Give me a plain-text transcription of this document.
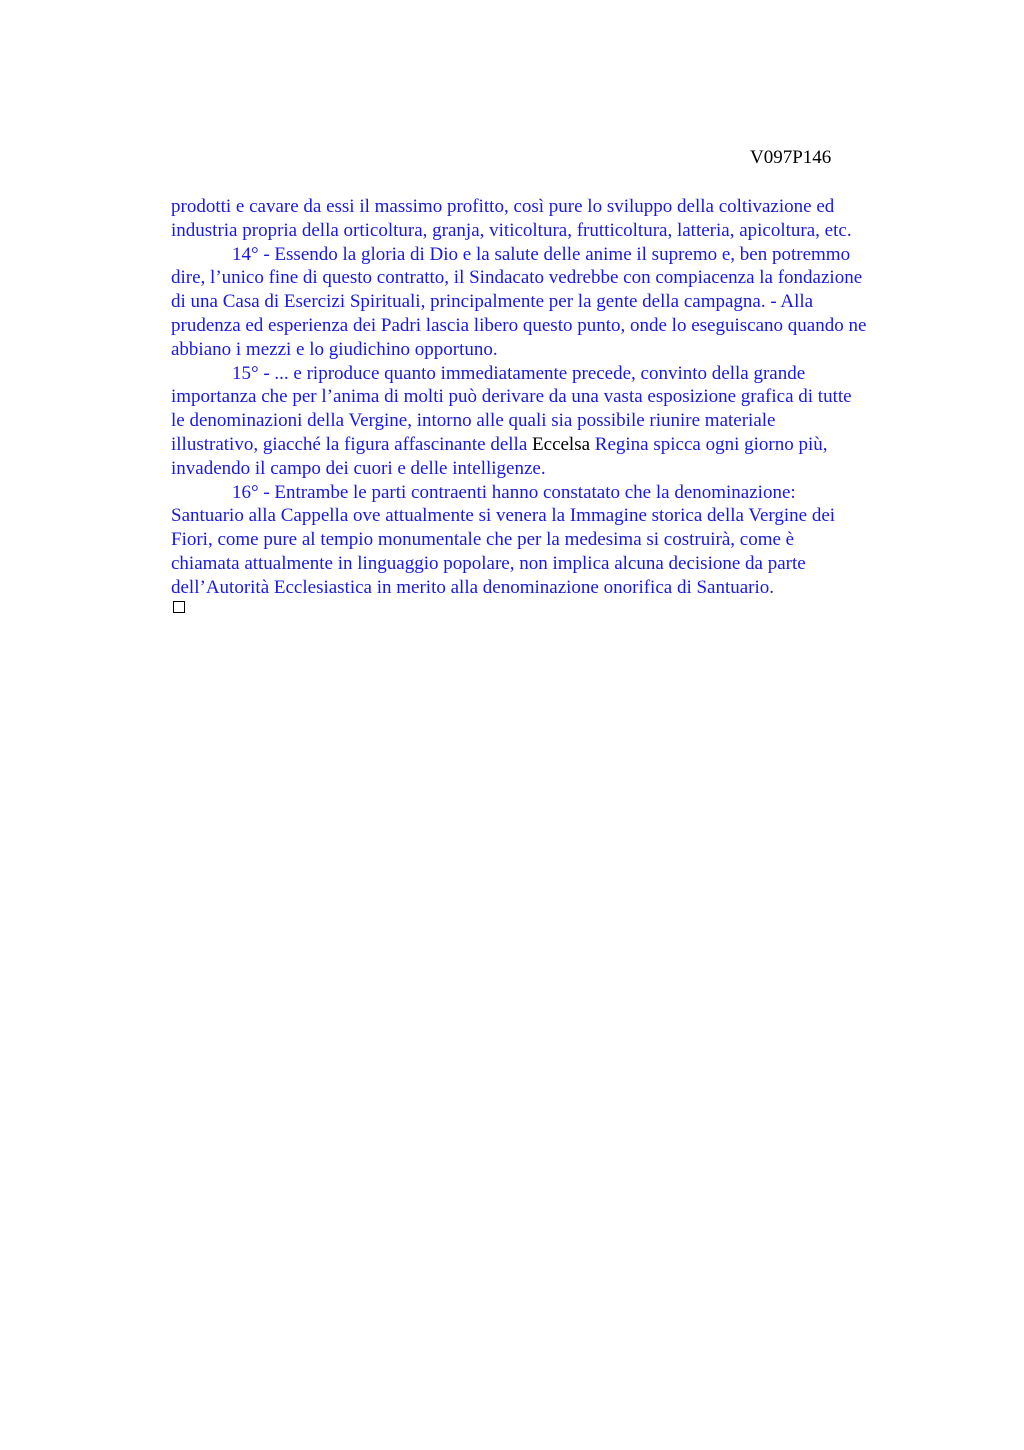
V097P146

prodotti e cavare da essi il massimo profitto, così pure lo sviluppo della coltivazione ed
industria propria della orticoltura, granja, viticoltura, frutticoltura, latteria, apicoltura, etc.

14° - Essendo la gloria di Dio e la salute delle anime il supremo e, ben potremmo
dire, l’unico fine di questo contratto, il Sindacato vedrebbe con compiacenza la fondazione
di una Casa di Esercizi Spirituali, principalmente per la gente della campagna. - Alla
prudenza ed esperienza dei Padri lascia libero questo punto, onde lo eseguiscano quando ne
abbiano i mezzi e lo giudichino opportuno.

15° - ... e riproduce quanto immediatamente precede, convinto della grande
importanza che per l’anima di molti può derivare da una vasta esposizione grafica di tutte
le denominazioni della Vergine, intorno alle quali sia possibile riunire materiale
illustrativo, giacché la figura affascinante della Eccelsa Regina spicca ogni giorno più,
invadendo il campo dei cuori e delle intelligenze.

16° - Entrambe le parti contraenti hanno constatato che la denominazione:
Santuario alla Cappella ove attualmente si venera la Immagine storica della Vergine dei
Fiori, come pure al tempio monumentale che per la medesima si costruirà, come è
chiamata attualmente in linguaggio popolare, non implica alcuna decisione da parte
dell’Autorità Ecclesiastica in merito alla denominazione onorifica di Santuario.
